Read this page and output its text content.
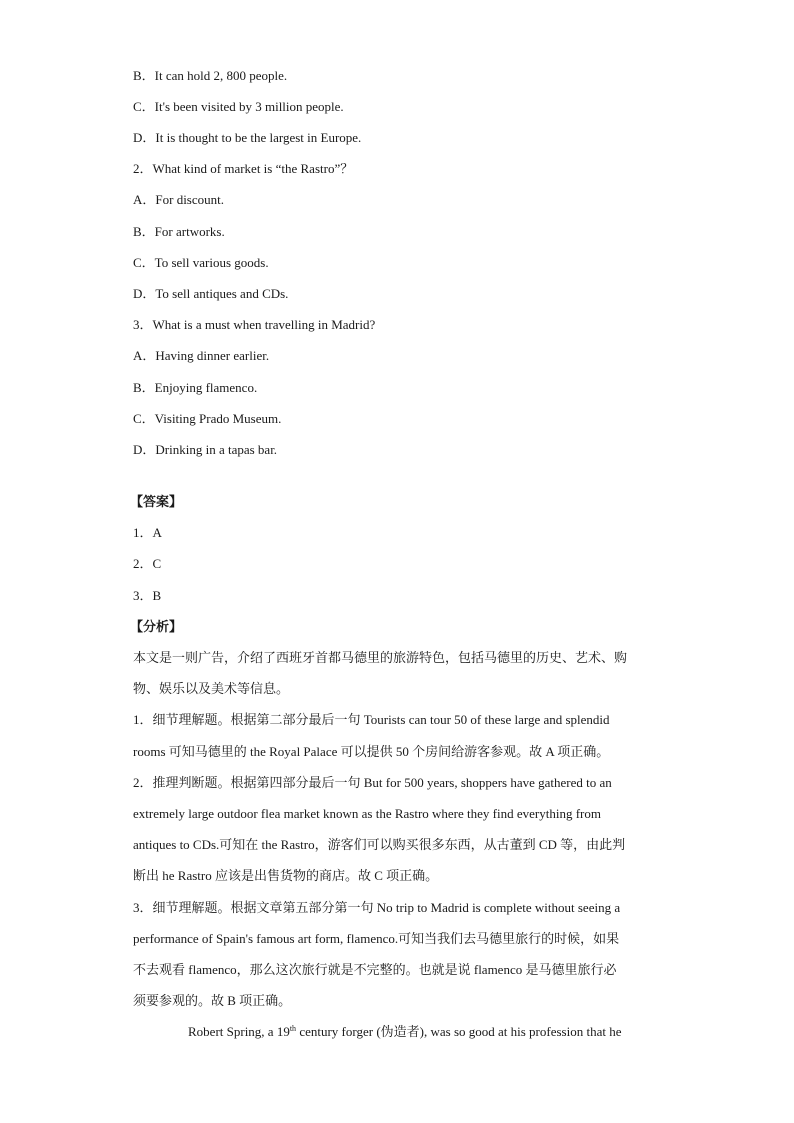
B．It can hold 2, 800 people.
C．It's been visited by 3 million people.
D．It is thought to be the largest in Europe.
2．What kind of market is “the Rastro”？
A．For discount.
B．For artworks.
C．To sell various goods.
D．To sell antiques and CDs.
3．What is a must when travelling in Madrid?
A．Having dinner earlier.
B．Enjoying flamenco.
C．Visiting Prado Museum.
D．Drinking in a tapas bar.
【答案】
1．A
2．C
3．B
【分析】
本文是一则广告，介绍了西班牙首都马德里的旅游特色，包括马德里的历史、艺术、购
物、娱乐以及美术等信息。
1．细节理解题。根据第二部分最后一句 Tourists can tour 50 of these large and splendid
rooms 可知马德里的 the Royal Palace 可以提供 50 个房间给游客参观。故 A 项正确。
2．推理判断题。根据第四部分最后一句 But for 500 years, shoppers have gathered to an
extremely large outdoor flea market known as the Rastro where they find everything from
antiques to CDs.可知在 the Rastro，游客们可以购买很多东西，从古董到 CD 等，由此判
断出 he Rastro 应该是出售货物的商店。故 C 项正确。
3．细节理解题。根据文章第五部分第一句 No trip to Madrid is complete without seeing a
performance of Spain's famous art form, flamenco.可知当我们去马德里旅行的时候，如果
不去观看 flamenco，那么这次旅行就是不完整的。也就是说 flamenco 是马德里旅行必
须要参观的。故 B 项正确。
Robert Spring, a 19th century forger (伪造者), was so good at his profession that he
